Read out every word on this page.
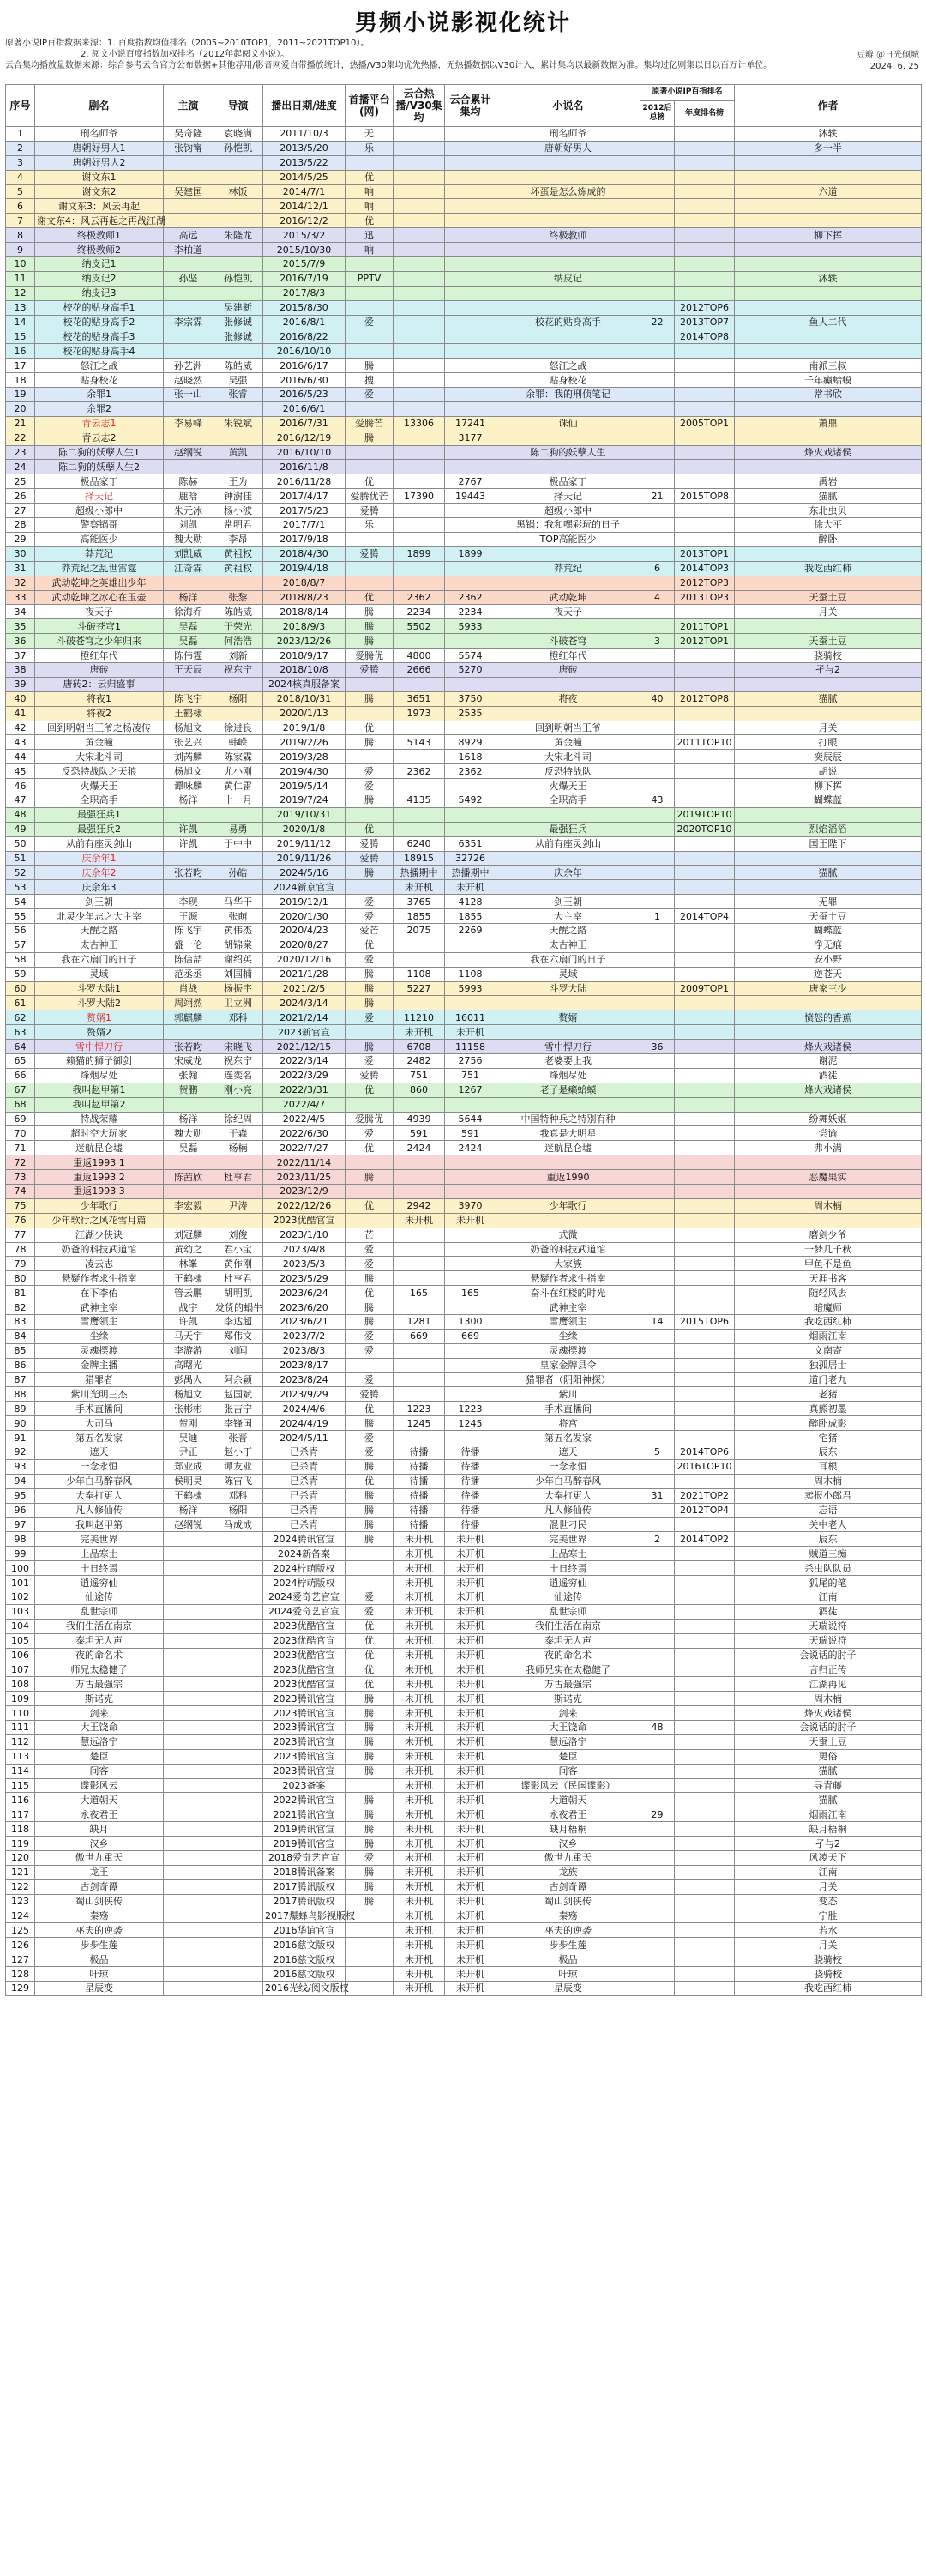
男频小说影视化统计
原著小说IP百指数据来源：1. 百度指数均值排名（2005~2010TOP1，2011~2021TOP10）。
2. 阅文小说百度指数加权排名（2012年起阅文小说）。
云合集均播放量数据来源：综合参考云合官方公布数据+其他荐用/影音网爱自带播放统计，热播/V30集均优先热播，无热播数据以V30计入，累计集均以最新数据为准。集均过亿则集以日以百万计单位。
豆瓣 ＠日光倾城
2024. 6. 25
序号	剧名	主演	导演	播出日期/进度	首播平台(网)	云合热播/V30集均	云合累计集均	小说名	原著小说IP百指排名		作者
									2012后总榜	年度排名榜	
1	刑名师爷	吴奇隆	袁晓满	2011/10/3	无			刑名师爷			沐轶
2	唐朝好男人1	张钧甯	孙恺凯	2013/5/20	乐			唐朝好男人			多一半
3	唐朝好男人2			2013/5/22							
4	谢文东1			2014/5/25	优						
5	谢文东2	吴建国	林饭	2014/7/1	响			坏蛋是怎么炼成的			六道
6	谢文东3：风云再起			2014/12/1	响						
7	谢文东4：风云再起之再战江湖			2016/12/2	优						
8	终极教师1	高远	朱隆龙	2015/3/2	迅			终极教师			柳下挥
9	终极教师2	李柏道		2015/10/30	响						
10	纳皮记1			2015/7/9							
11	纳皮记2	孙坚	孙恺凯	2016/7/19	PPTV			纳皮记			沐轶
12	纳皮记3			2017/8/3							
13	校花的贴身高手1		吴建新	2015/8/30						2012TOP6	
14	校花的贴身高手2	李宗霖	张修诚	2016/8/1	爱			校花的贴身高手	22	2013TOP7	鱼人二代
15	校花的贴身高手3		张修诚	2016/8/22						2014TOP8	
16	校花的贴身高手4			2016/10/10							
17	怒江之战	孙艺洲	陈皓威	2016/6/17	腾			怒江之战			南派三叔
18	贴身校花	赵晓然	吴强	2016/6/30	搜			贴身校花			千年癫蛤蟆
19	余罪1	张一山	张睿	2016/5/23	爱			余罪：我的刑侦笔记			常书欣
20	余罪2			2016/6/1							
21	青云志1	李易峰	朱锐斌	2016/7/31	爱腾芒	13306	17241	诛仙		2005TOP1	萧鼎
22	青云志2			2016/12/19	腾		3177				
23	陈二狗的妖孽人生1	赵纲锐	黄凯	2016/10/10				陈二狗的妖孽人生			烽火戏诸侯
24	陈二狗的妖孽人生2			2016/11/8							
25	极品家丁	陈赫	王为	2016/11/28	优		2767	极品家丁			禹岩
26	择天记	鹿晗	钟澍佳	2017/4/17	爱腾优芒	17390	19443	择天记	21	2015TOP8	猫腻
27	超级小郎中	朱元冰	杨小波	2017/5/23	爱腾			超级小郎中			东北虫贝
28	警察锅哥	刘凯	常明君	2017/7/1	乐			黑锅：我和嘿彩玩的日子			徐大平
29	高能医少	魏大勋	李昂	2017/9/18				TOP高能医少			醉卧
30	莽荒纪	刘凯威	黄祖权	2018/4/30	爱腾	1899	1899			2013TOP1	
31	莽荒纪之乱世雷霆	江奇霖	黄祖权	2019/4/18				莽荒纪	6	2014TOP3	我吃西红柿
32	武动乾坤之英雄出少年			2018/8/7						2012TOP3	
33	武动乾坤之冰心在玉壶	杨洋	张黎	2018/8/23	优	2362	2362	武动乾坤	4	2013TOP3	天蚕土豆
34	夜天子	徐海乔	陈皓威	2018/8/14	腾	2234	2234	夜天子			月关
35	斗破苍穹1	吴磊	于荣光	2018/9/3	腾	5502	5933			2011TOP1	
36	斗破苍穹之少年归来	吴磊	何浩浩	2023/12/26	腾			斗破苍穹	3	2012TOP1	天蚕土豆
37	橙红年代	陈伟霆	刘新	2018/9/17	爱腾优	4800	5574	橙红年代			骁骑校
38	唐砖	王天辰	祝东宁	2018/10/8	爱腾	2666	5270	唐砖			孑与2
39	唐砖2：云归盛事			2024核真服备案							
40	将夜1	陈飞宇	杨阳	2018/10/31	腾	3651	3750	将夜	40	2012TOP8	猫腻
41	将夜2	王鹤棣		2020/1/13		1973	2535				
42	回到明朝当王爷之杨凌传	杨旭文	徐进良	2019/1/8	优			回到明朝当王爷			月关
43	黄金瞳	张艺兴	韩嵘	2019/2/26	腾	5143	8929	黄金瞳		2011TOP10	打眼
44	大宋北斗司	刘芮麟	陈家霖	2019/3/28			1618	大宋北斗司			奕辰辰
45	反恐特战队之天狼	杨旭文	尤小刚	2019/4/30	爱	2362	2362	反恐特战队			胡说
46	火爆天王	谭咏麟	黄仁雷	2019/5/14	爱			火爆天王			柳下挥
47	全职高手	杨洋	十一月	2019/7/24	腾	4135	5492	全职高手	43		蝴蝶蓝
48	最强狂兵1			2019/10/31						2019TOP10	
49	最强狂兵2	许凯	易勇	2020/1/8	优			最强狂兵		2020TOP10	烈焰滔滔
50	从前有座灵剑山	许凯	于中中	2019/11/12	爱腾	6240	6351	从前有座灵剑山			国王陛下
51	庆余年1			2019/11/26	爱腾	18915	32726				
52	庆余年2	张若昀	孙皓	2024/5/16	腾	热播期中	热播期中	庆余年			猫腻
53	庆余年3			2024新京官宣		未开机	未开机				
54	剑王朝	李现	马华干	2019/12/1	爱	3765	4128	剑王朝			无罪
55	北灵少年志之大主宰	王源	张萌	2020/1/30	爱	1855	1855	大主宰	1	2014TOP4	天蚕土豆
56	天醒之路	陈飞宇	黄伟杰	2020/4/23	爱芒	2075	2269	天醒之路			蝴蝶蓝
57	太古神王	盛一伦	胡锦棠	2020/8/27	优			太古神王			净无痕
58	我在六扇门的日子	陈信喆	谢绍英	2020/12/16	爱			我在六扇门的日子			安小野
59	灵域	范丞丞	刘国楠	2021/1/28	腾	1108	1108	灵域			逆苍天
60	斗罗大陆1	肖战	杨振宇	2021/2/5	腾	5227	5993	斗罗大陆		2009TOP1	唐家三少
61	斗罗大陆2	周翊然	卫立洲	2024/3/14	腾						
62	赘婿1	郭麒麟	邓科	2021/2/14	爱	11210	16011	赘婿			愤怒的香蕉
63	赘婿2			2023新官宣		未开机	未开机				
64	雪中悍刀行	张若昀	宋晓飞	2021/12/15	腾	6708	11158	雪中悍刀行	36		烽火戏诸侯
65	赖猫的狮子御剑	宋威龙	祝东宁	2022/3/14	爱	2482	2756	老婆要上我			谢泥
66	烽烟尽处	张翰	连奕名	2022/3/29	爱腾	751	751	烽烟尽处			酒徒
67	我叫赵甲第1	贺鹏	刚小亮	2022/3/31	优	860	1267	老子是癞蛤蟆			烽火戏诸侯
68	我叫赵甲第2			2022/4/7							
69	特战荣耀	杨洋	徐纪周	2022/4/5	爱腾优	4939	5644	中国特种兵之特别有种			纷舞妖姬
70	超时空大玩家	魏大勋	于森	2022/6/30	爱	591	591	我真是大明星			尝谕
71	迷航昆仑墟	吴磊	杨楠	2022/7/27	优	2424	2424	迷航昆仑墟			弗小满
72	重返1993 1			2022/11/14							
73	重返1993 2	陈茜欣	杜亨君	2023/11/25	腾			重返1990			恶魔果实
74	重返1993 3			2023/12/9							
75	少年歌行	李宏毅	尹涛	2022/12/26	优	2942	3970	少年歌行			周木楠
76	少年歌行之风花雪月篇			2023优酷官宣		未开机	未开机				
77	江湖少侠诀	刘冠麟	刘俊	2023/1/10	芒			式微			磨剑少爷
78	奶爸的科技武道馆	黄幼之	君小宝	2023/4/8	爱			奶爸的科技武道馆			一梦几千秋
79	凌云志	林峯	黄作刚	2023/5/3	爱			大家族			甲鱼不是鱼
80	悬疑作者求生指南	王鹤棣	杜亨君	2023/5/29	腾			悬疑作者求生指南			天涯书客
81	在下李佑	管云鹏	胡明凯	2023/6/24	优	165	165	奋斗在红楼的时光			随轻风去
82	武神主宰	战宇	发货的蜗牛	2023/6/20	腾			武神主宰			暗魔师
83	雪鹰领主	许凯	李达超	2023/6/21	腾	1281	1300	雪鹰领主	14	2015TOP6	我吃西红柿
84	尘缘	马天宇	郑伟文	2023/7/2	爱	669	669	尘缘			烟雨江南
85	灵魂摆渡	李游游	刘闻	2023/8/3	爱			灵魂摆渡			文南寄
86	金牌主播	高曙光		2023/8/17				皇家金牌县令			独孤居士
87	猎罪者	彭禺人	阿余颖	2023/8/24	爱			猎罪者（阴阳神探）			道门老九
88	紫川光明三杰	杨旭文	赵国斌	2023/9/29	爱腾			紫川			老猪
89	手术直播间	张彬彬	张吉宁	2024/4/6	优	1223	1223	手术直播间			真熊初墨
90	大司马	贺刚	李锋国	2024/4/19	腾	1245	1245	将宫			醉卧成影
91	第五名发家	吴迪	张晋	2024/5/11	爱			第五名发家			宅猪
92	遮天	尹正	赵小丁	已杀青	爱	待播	待播	遮天	5	2014TOP6	辰东
93	一念永恒	郑业成	谭友业	已杀青	腾	待播	待播	一念永恒		2016TOP10	耳根
94	少年白马醉春风	侯明昊	陈宙飞	已杀青	优	待播	待播	少年白马醉春风			周木楠
95	大奉打更人	王鹤棣	邓科	已杀青	腾	待播	待播	大奉打更人	31	2021TOP2	卖报小郎君
96	凡人修仙传	杨洋	杨阳	已杀青	腾	待播	待播	凡人修仙传		2012TOP4	忘语
97	我叫赵甲第	赵纲锐	马成成	已杀青	腾	待播	待播	混世刁民			关中老人
98	完美世界			2024腾讯官宣	腾	未开机	未开机	完美世界	2	2014TOP2	辰东
99	上品寒士			2024新备案		未开机	未开机	上品寒士			贼道三痴
100	十日终焉			2024柠萌版权		未开机	未开机	十日终焉			杀虫队队员
101	逍遥穷仙			2024柠萌版权		未开机	未开机	逍遥穷仙			狐尾的笔
102	仙途传			2024爱奇艺官宣	爱	未开机	未开机	仙途传			江南
103	乱世宗师			2024爱奇艺官宣	爱	未开机	未开机	乱世宗师			酒徒
104	我们生活在南京			2023优酷官宣	优	未开机	未开机	我们生活在南京			天瑞说符
105	泰坦无人声			2023优酷官宣	优	未开机	未开机	泰坦无人声			天瑞说符
106	夜的命名术			2023优酷官宣	优	未开机	未开机	夜的命名术			会说话的肘子
107	师兄太稳健了			2023优酷官宣	优	未开机	未开机	我师兄实在太稳健了			言归正传
108	万古最强宗			2023优酷官宣	优	未开机	未开机	万古最强宗			江湖再见
109	斯诺克			2023腾讯官宣	腾	未开机	未开机	斯诺克			周木楠
110	剑来			2023腾讯官宣	腾	未开机	未开机	剑来			烽火戏诸侯
111	大王饶命			2023腾讯官宣	腾	未开机	未开机	大王饶命	48		会说话的肘子
112	慧远洛宁			2023腾讯官宣	腾	未开机	未开机	慧远洛宁			天蚕土豆
113	楚臣			2023腾讯官宣	腾	未开机	未开机	楚臣			更俗
114	间客			2023腾讯官宣	腾	未开机	未开机	间客			猫腻
115	谍影风云			2023备案		未开机	未开机	谍影风云（民国谍影）			寻青藤
116	大道朝天			2022腾讯官宣	腾	未开机	未开机	大道朝天			猫腻
117	永夜君王			2021腾讯官宣	腾	未开机	未开机	永夜君王	29		烟雨江南
118	缺月			2019腾讯官宣	腾	未开机	未开机	缺月梧桐			缺月梧桐
119	汉乡			2019腾讯官宣	腾	未开机	未开机	汉乡			孑与2
120	傲世九重天			2018爱奇艺官宣	爱	未开机	未开机	傲世九重天			风凌天下
121	龙王			2018腾讯备案	腾	未开机	未开机	龙族			江南
122	古剑奇谭			2017腾讯版权	腾	未开机	未开机	古剑奇谭			月关
123	蜀山剑侠传			2017腾讯版权	腾	未开机	未开机	蜀山剑侠传			变态
124	秦殇			2017爆蜂鸟影视版权		未开机	未开机	秦殇			宁胜
125	巫夫的逆袭			2016华谊官宣		未开机	未开机	巫夫的逆袭			若水
126	步步生莲			2016慈文版权		未开机	未开机	步步生莲			月关
127	极品			2016慈文版权		未开机	未开机	极品			骁骑校
128	叶琼			2016慈文版权		未开机	未开机	叶琼			骁骑校
129	星辰变			2016光线/阅文版权		未开机	未开机	星辰变			我吃西红柿
